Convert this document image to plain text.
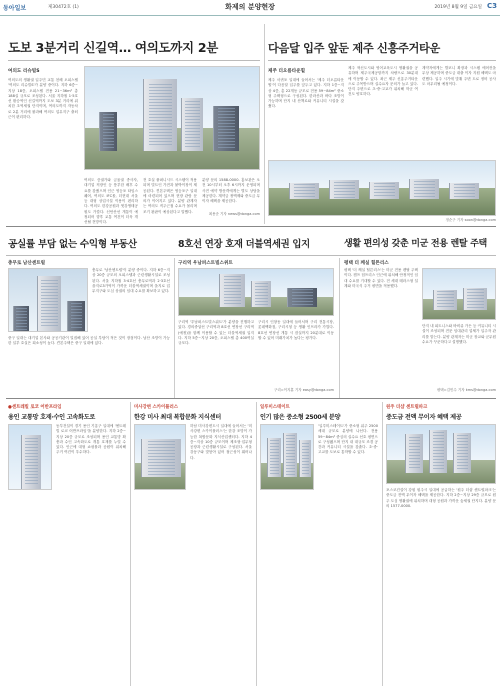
동아일보	제30472호 (1)	화제의 분양현장	2019년 8월 9일 금요일 C3
도보 3분거리 신길역… 여의도까지 2분
여의도 리슈빌S
여의도의 생활권 입주민 교통 천혜 오피스텔 '여의도 리슈빌S'가 분양 중이다. 지하 6층~지상 18층, 오피스텔 전용 21~36m² 총 188실 규모로 조성된다. 서울 지하철 1·5호선 환승역인 신길역까지 도보 3분 거리에 위치한 초역세권 단지이며, 여의도까지 자동차로 2분 거리에 불과해 여의도 업무지구 출퇴근이 편리하다.
여의도 증권가와 금융권 종사자, 대기업 직장인 등 풍부한 배후 수요를 갖췄으며 인근 영등포 타임스퀘어, 여의도 IFC몰, 더현대 서울 등 대형 상업시설 이용이 편리하다. 여의도 한강공원과 샛강생태공원도 가깝다. 신안산선 개통이 예정되어 향후 교통 여건이 더욱 개선될 전망이다.
전 호실 풀퍼니시드 시스템이 적용되며 빌트인 가전과 붙박이장이 제공된다. 견본주택은 영등포구 일대에 마련되어 있으며 현장 관람 문의가 이어지고 있다. 분양 관계자는 여의도 직주근접 수요가 몰리며 조기 완판이 예상된다고 말했다.
분양 문의 1588-0000. 홍보관은 오전 10시부터 오후 6시까지 운영되며 사전 예약 방문객에게는 별도 상담을 제공한다. 계약금 정액제와 중도금 무이자 혜택을 제공한다.
최용준 기자 news@donga.com
다음달 입주 앞둔 제주 신흥주거타운
제주 더오름타운힐
제주 서귀포 일대에 들어서는 '제주 더오름타운힐'이 다음달 입주를 앞두고 있다. 지하 1층~지상 4층, 총 22개동 규모로 전용 59~84m² 중소형 주택형으로 구성된다. 한라산과 바다 조망이 가능하며 단지 내 산책로와 커뮤니티 시설을 갖췄다.
제주 혁신도시와 영어교육도시 생활권을 공유하며 제주국제공항까지 차량으로 30분대에 이동할 수 있다. 최근 제주 신흥주거타운으로 주목받으며 실수요자 문의가 늘고 있다. 단지 주변으로 초·중·고교가 위치해 학군 여건도 양호하다.
계약자에게는 발코니 확장과 시스템 에어컨을 무상 제공하며 중도금 대출 이자 지원 혜택도 마련했다. 입주 시기에 맞춰 주변 도로 정비 공사도 마무리될 예정이다.
정순구 기자 soon@donga.com
공실률 부담 없는 수익형 부동산	8호선 연장 호재 더블역세권 입지	생활 편의성 갖춘 미군 전용 렌탈 주택
충무로 남산센트럴
충무로 '남산센트럴'이 분양 중이다. 지하 6층~지상 20층 규모의 오피스텔과 근린생활시설로 조성된다. 서울 지하철 3·4호선 충무로역과 2·3호선 을지로3가역이 가까운 더블역세권이며 을지로 업무지구와 도심 상권의 임대 수요를 확보하고 있다.
중구 일대는 대기업 본사와 공공기관이 밀집해 있어 공실 부담이 적은 것이 장점이다. 남산 조망이 가능한 일부 호실은 희소성이 높다. 견본주택은 중구 일대에 있다.
구리역 우남퍼스트빌스위트
구리역 '우남퍼스트빌스위트'가 분양을 진행하고 있다. 경의중앙선 구리역과 8호선 연장선 구리역(예정)을 함께 이용할 수 있는 더블역세권 입지다. 지하 5층~지상 20층, 오피스텔 총 400여실 규모다.
구리시 인창동 일대에 들어서며 구리 전통시장, 롯데백화점, 구리시청 등 생활 인프라가 가깝다. 8호선 연장선 개통 시 잠실까지 20분대로 이동할 수 있어 미래가치가 높다는 평가다.
구리=이지훈 기자 easy@donga.com
평택 더 께실 힐튼리스
평택 '더 께실 힐튼리스'는 미군 전용 렌탈 주택이다. 캠프 험프리스 인근에 위치해 안정적인 임대 수요를 기대할 수 있다. 전 세대 테라스형 설계와 미국식 주거 평면을 적용했다.
단지 내 피트니스와 바비큐 가든 등 커뮤니티 시설이 조성되며 전문 임대관리 업체가 입주자 관리를 맡는다. 분양 관계자는 미군 장교와 군무원 수요가 꾸준하다고 설명했다.
평택=김민수 기자 kms@donga.com
●센트레빌 로코 어반프라임
용인 교통망 호재·수인 고속화도로
동부건설이 경기 용인 기흥구 일대에 '센트레빌 로코 어반프라임'을 분양한다. 지하 2층~지상 20층 규모로 조성되며 용인 교통망 확충과 수인 고속화도로 개통 호재를 누릴 수 있다. 인근에 대형 쇼핑몰과 공원이 위치해 주거 여건이 우수하다.
미사강변 스카이플러스
한강 미사 최대 복합문화 지식센터
하남 미사강변도시 일대에 들어서는 '미사강변 스카이플러스'는 한강 조망이 가능한 복합문화 지식산업센터다. 지하 4층~지상 10층 규모이며 제조형·업무형 공장과 근린생활시설로 구성된다. 서울 강동구와 맞닿아 있어 접근성이 뛰어나다.
일루미스테이트
인기 많은 중소형 2500세 분양
'일루미스테이트'가 중소형 위주 2500세대 규모로 분양에 나선다. 전용 59~84m² 중심의 실수요 선호 평면으로 구성됐으며 단지 내 대규모 조경 공간과 커뮤니티 시설을 갖춘다. 초·중·고교를 도보로 통학할 수 있다.
원주 더샵 센트럴파크
중도금 전액 무이자 혜택 제공
포스코건설이 강원 원주시 일대에 공급하는 '원주 더샵 센트럴파크'는 중도금 전액 무이자 혜택을 제공한다. 지하 2층~지상 29층 규모로 원주 도심 생활권에 위치하며 대형 공원과 가까운 숲세권 단지다. 분양 문의 1577-0000.
